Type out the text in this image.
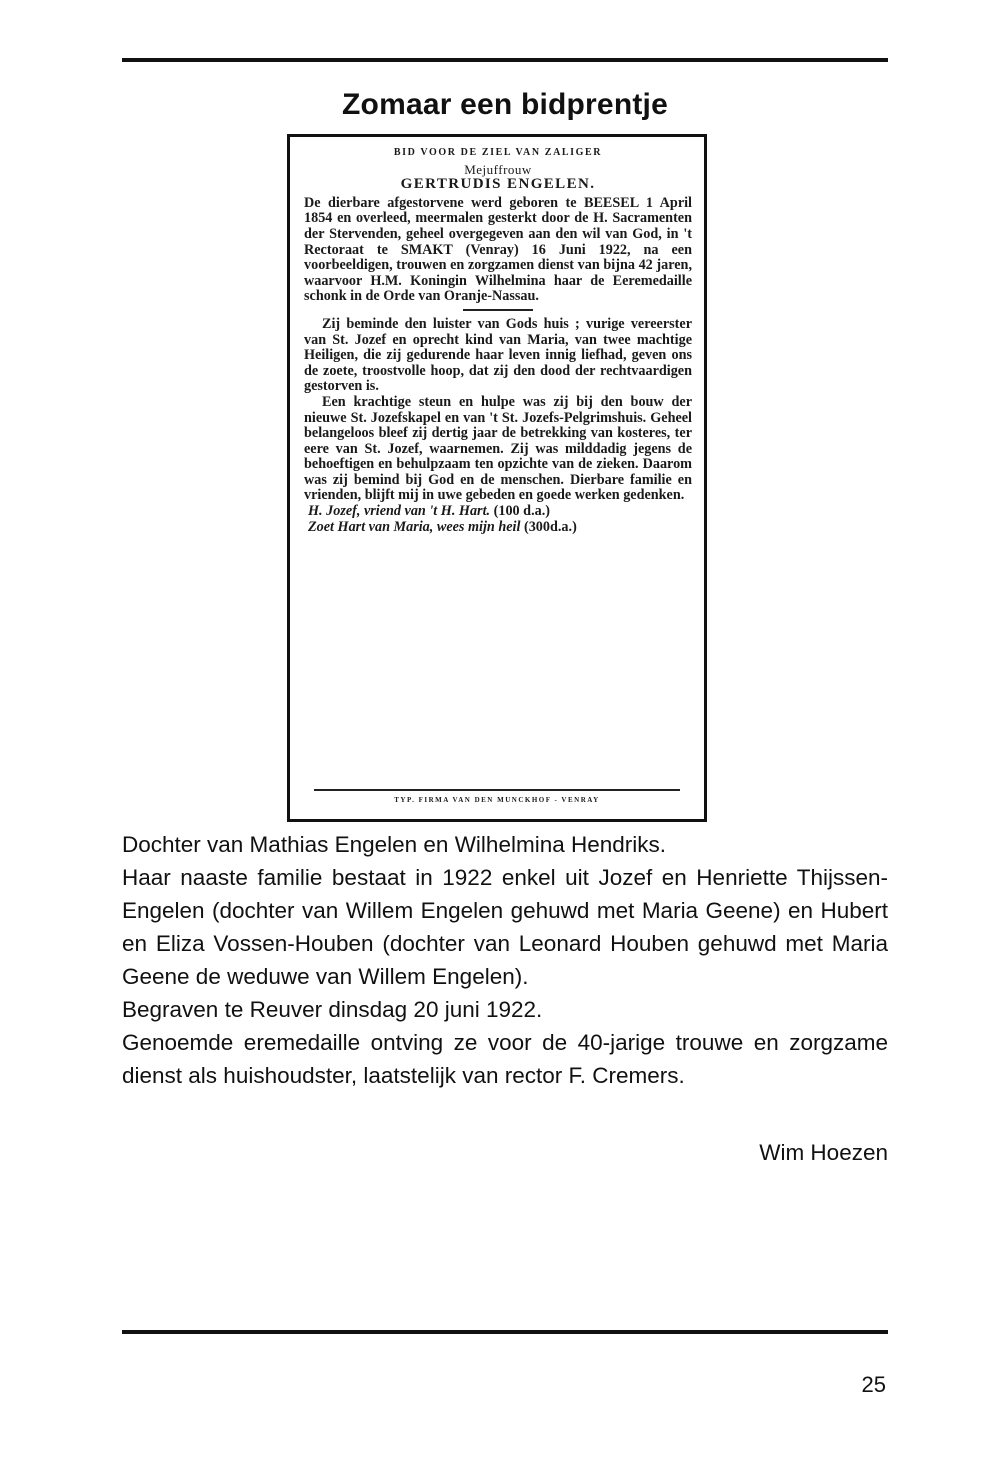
Zomaar een bidprentje
BID VOOR DE ZIEL VAN ZALIGER
Mejuffrouw
GERTRUDIS ENGELEN.
De dierbare afgestorvene werd geboren te BEESEL 1 April 1854 en overleed, meermalen gesterkt door de H. Sacramenten der Stervenden, geheel overgegeven aan den wil van God, in 't Rectoraat te SMAKT (Venray) 16 Juni 1922, na een voorbeeldigen, trouwen en zorgzamen dienst van bijna 42 jaren, waarvoor H.M. Koningin Wilhelmina haar de Eeremedaille schonk in de Orde van Oranje-Nassau.
Zij beminde den luister van Gods huis ; vurige vereerster van St. Jozef en oprecht kind van Maria, van twee machtige Heiligen, die zij gedurende haar leven innig liefhad, geven ons de zoete, troostvolle hoop, dat zij den dood der rechtvaardigen gestorven is.
Een krachtige steun en hulpe was zij bij den bouw der nieuwe St. Jozefskapel en van 't St. Jozefs-Pelgrimshuis. Geheel belangeloos bleef zij dertig jaar de betrekking van kosteres, ter eere van St. Jozef, waarnemen. Zij was milddadig jegens de behoeftigen en behulpzaam ten opzichte van de zieken. Daarom was zij bemind bij God en de menschen. Dierbare familie en vrienden, blijft mij in uwe gebeden en goede werken gedenken.
H. Jozef, vriend van 't H. Hart. (100 d.a.)
Zoet Hart van Maria, wees mijn heil (300d.a.)
TYP. FIRMA VAN DEN MUNCKHOF - VENRAY

Dochter van Mathias Engelen en Wilhelmina Hendriks.

Haar naaste familie bestaat in 1922 enkel uit Jozef en Henriette Thijssen-Engelen (dochter van Willem Engelen gehuwd met Maria Geene) en Hubert en Eliza Vossen-Houben (dochter van Leonard Houben gehuwd met Maria Geene de weduwe van Willem Engelen).

Begraven te Reuver dinsdag 20 juni 1922.

Genoemde eremedaille ontving ze voor de 40-jarige trouwe en zorgzame dienst als huishoudster, laatstelijk van rector F. Cremers.

Wim Hoezen
25
